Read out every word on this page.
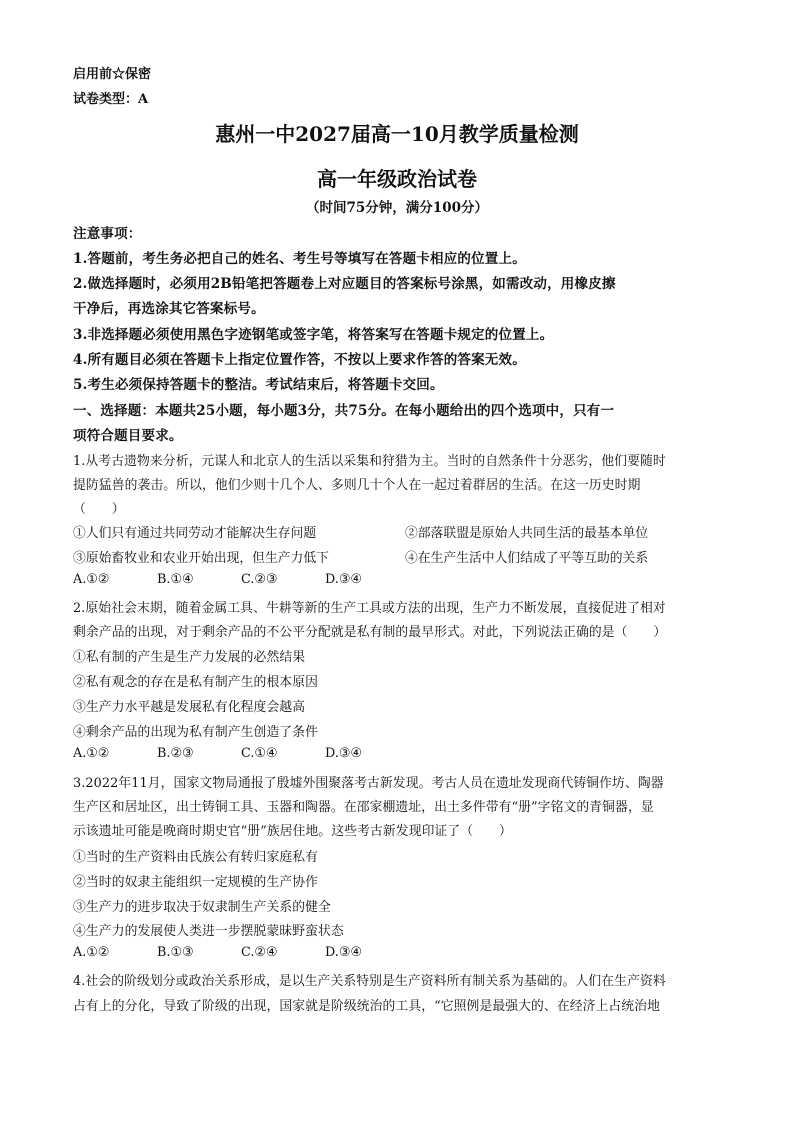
启用前☆保密
试卷类型：A
惠州一中2027届高一10月教学质量检测
高一年级政治试卷
（时间75分钟，满分100分）
注意事项：
1.答题前，考生务必把自己的姓名、考生号等填写在答题卡相应的位置上。
2.做选择题时，必须用2B铅笔把答题卷上对应题目的答案标号涂黑，如需改动，用橡皮擦
干净后，再选涂其它答案标号。
3.非选择题必须使用黑色字迹钢笔或签字笔，将答案写在答题卡规定的位置上。
4.所有题目必须在答题卡上指定位置作答，不按以上要求作答的答案无效。
5.考生必须保持答题卡的整洁。考试结束后，将答题卡交回。
一、选择题：本题共25小题，每小题3分，共75分。在每小题给出的四个选项中，只有一
项符合题目要求。
1.从考古遗物来分析，元谋人和北京人的生活以采集和狩猎为主。当时的自然条件十分恶劣，他们要随时
提防猛兽的袭击。所以，他们少则十几个人、多则几十个人在一起过着群居的生活。在这一历史时期
（　　）
①人们只有通过共同劳动才能解决生存问题	②部落联盟是原始人共同生活的最基本单位
③原始畜牧业和农业开始出现，但生产力低下	④在生产生活中人们结成了平等互助的关系
A.①②	B.①④	C.②③	D.③④
2.原始社会末期，随着金属工具、牛耕等新的生产工具或方法的出现，生产力不断发展，直接促进了相对
剩余产品的出现，对于剩余产品的不公平分配就是私有制的最早形式。对此，下列说法正确的是（　　）
①私有制的产生是生产力发展的必然结果
②私有观念的存在是私有制产生的根本原因
③生产力水平越是发展私有化程度会越高
④剩余产品的出现为私有制产生创造了条件
A.①②	B.②③	C.①④	D.③④
3.2022年11月，国家文物局通报了殷墟外围聚落考古新发现。考古人员在遗址发现商代铸铜作坊、陶器
生产区和居址区，出土铸铜工具、玉器和陶器。在邵家棚遗址，出土多件带有“册”字铭文的青铜器，显
示该遗址可能是晚商时期史官“册”族居住地。这些考古新发现印证了（　　）
①当时的生产资料由氏族公有转归家庭私有
②当时的奴隶主能组织一定规模的生产协作
③生产力的进步取决于奴隶制生产关系的健全
④生产力的发展使人类进一步摆脱蒙昧野蛮状态
A.①②	B.①③	C.②④	D.③④
4.社会的阶级划分或政治关系形成，是以生产关系特别是生产资料所有制关系为基础的。人们在生产资料
占有上的分化，导致了阶级的出现，国家就是阶级统治的工具，“它照例是最强大的、在经济上占统治地
